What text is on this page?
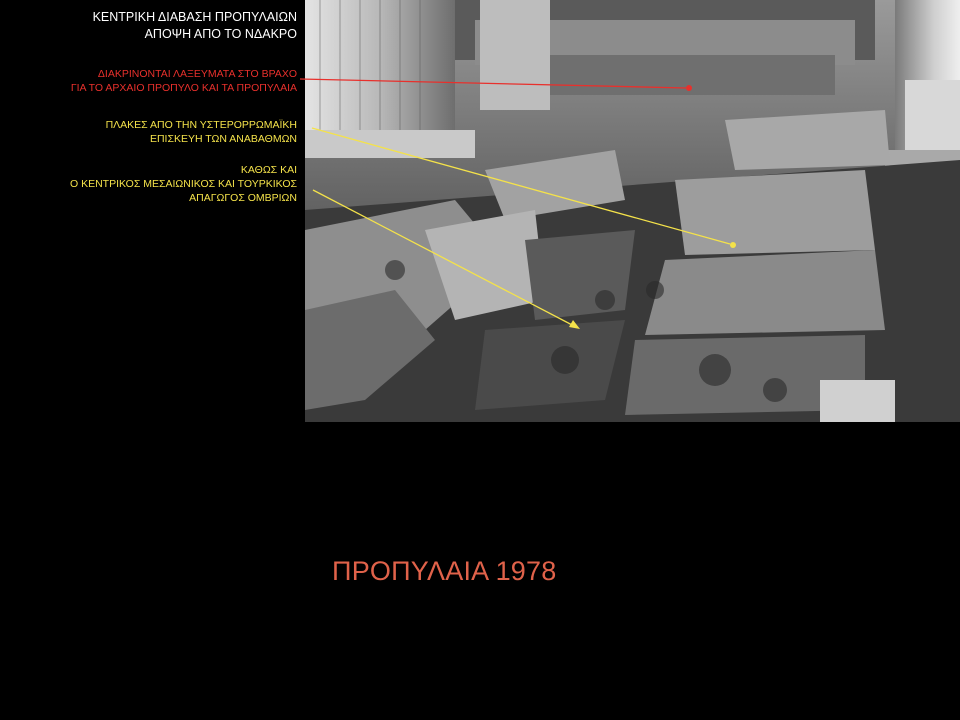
ΚΕΝΤΡΙΚΗ ΔΙΑΒΑΣΗ ΠΡΟΠΥΛΑΙΩΝ
ΑΠΟΨΗ ΑΠΟ ΤΟ ΝΔΑΚΡΟ
ΔΙΑΚΡΙΝΟΝΤΑΙ ΛΑΞΕΥΜΑΤΑ ΣΤΟ ΒΡΑΧΟ
ΓΙΑ ΤΟ ΑΡΧΑΙΟ ΠΡΟΠΥΛΟ ΚΑΙ ΤΑ ΠΡΟΠΥΛΑΙΑ
ΠΛΑΚΕΣ ΑΠΟ ΤΗΝ ΥΣΤΕΡΟΡΡΩΜΑΪΚΗ
ΕΠΙΣΚΕΥΗ ΤΩΝ ΑΝΑΒΑΘΜΩΝ
ΚΑΘΩΣ ΚΑΙ
Ο ΚΕΝΤΡΙΚΟΣ ΜΕΣΑΙΩΝΙΚΟΣ ΚΑΙ ΤΟΥΡΚΙΚΟΣ
ΑΠΑΓΩΓΟΣ ΟΜΒΡΙΩΝ
ΠΡΟΠΥΛΑΙΑ 1978
